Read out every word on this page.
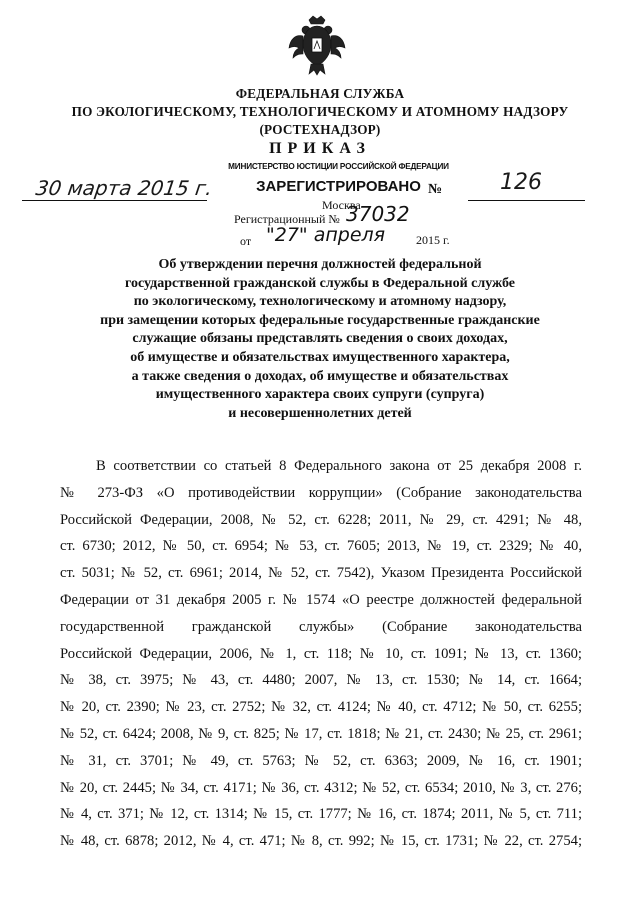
ФЕДЕРАЛЬНАЯ СЛУЖБА
ПО ЭКОЛОГИЧЕСКОМУ, ТЕХНОЛОГИЧЕСКОМУ И АТОМНОМУ НАДЗОРУ
(РОСТЕХНАДЗОР)
ПРИКАЗ
30 марта 2015 г.	№	126
МИНИСТЕРСТВО ЮСТИЦИИ РОССИЙСКОЙ ФЕДЕРАЦИИ
ЗАРЕГИСТРИРОВАНО
Москва
Регистрационный № 37032
от "27" апреля	2015 г.
Об утверждении перечня должностей федеральной
государственной гражданской службы в Федеральной службе
по экологическому, технологическому и атомному надзору,
при замещении которых федеральные государственные гражданские
служащие обязаны представлять сведения о своих доходах,
об имуществе и обязательствах имущественного характера,
а также сведения о доходах, об имуществе и обязательствах
имущественного характера своих супруги (супруга)
и несовершеннолетних детей
В соответствии со статьей 8 Федерального закона от 25 декабря 2008 г.
№ 273-ФЗ «О противодействии коррупции» (Собрание законодательства
Российской Федерации, 2008, № 52, ст. 6228; 2011, № 29, ст. 4291; № 48,
ст. 6730; 2012, № 50, ст. 6954; № 53, ст. 7605; 2013, № 19, ст. 2329; № 40,
ст. 5031; № 52, ст. 6961; 2014, № 52, ст. 7542), Указом Президента Российской
Федерации от 31 декабря 2005 г. № 1574 «О реестре должностей федеральной
государственной гражданской службы» (Собрание законодательства
Российской Федерации, 2006, № 1, ст. 118; № 10, ст. 1091; № 13, ст. 1360;
№ 38, ст. 3975; № 43, ст. 4480; 2007, № 13, ст. 1530; № 14, ст. 1664;
№ 20, ст. 2390; № 23, ст. 2752; № 32, ст. 4124; № 40, ст. 4712; № 50, ст. 6255;
№ 52, ст. 6424; 2008, № 9, ст. 825; № 17, ст. 1818; № 21, ст. 2430; № 25, ст. 2961;
№ 31, ст. 3701; № 49, ст. 5763; № 52, ст. 6363; 2009, № 16, ст. 1901;
№ 20, ст. 2445; № 34, ст. 4171; № 36, ст. 4312; № 52, ст. 6534; 2010, № 3, ст. 276;
№ 4, ст. 371; № 12, ст. 1314; № 15, ст. 1777; № 16, ст. 1874; 2011, № 5, ст. 711;
№ 48, ст. 6878; 2012, № 4, ст. 471; № 8, ст. 992; № 15, ст. 1731; № 22, ст. 2754;
